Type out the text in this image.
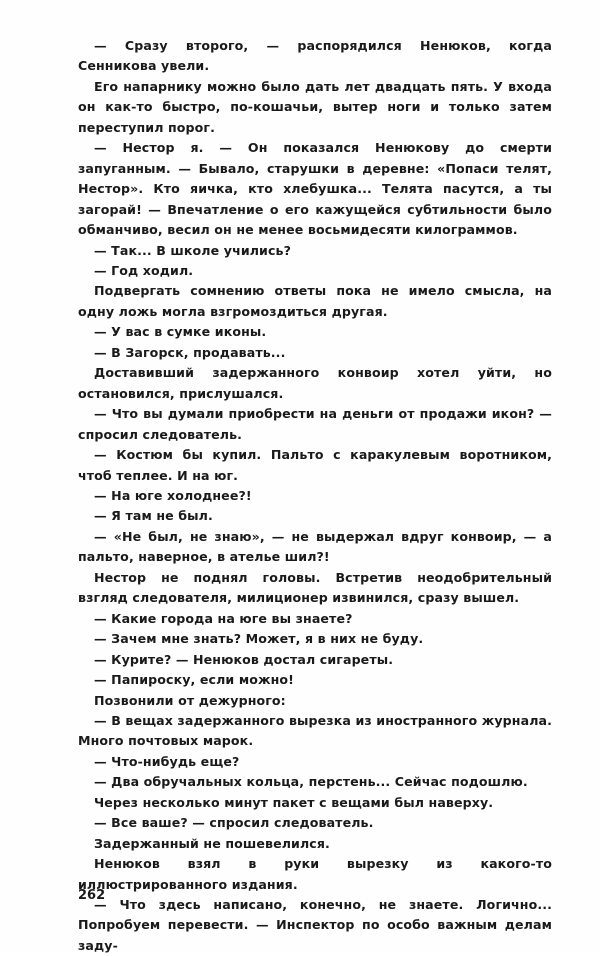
— Сразу второго, — распорядился Ненюков, когда Сенникова увели.

Его напарнику можно было дать лет двадцать пять. У входа он как-то быстро, по-кошачьи, вытер ноги и только затем переступил порог.

— Нестор я. — Он показался Ненюкову до смерти запуганным. — Бывало, старушки в деревне: «Попаси телят, Нестор». Кто яичка, кто хлебушка... Телята пасутся, а ты загорай! — Впечатление о его кажущейся субтильности было обманчиво, весил он не менее восьмидесяти килограммов.

— Так... В школе учились?

— Год ходил.

Подвергать сомнению ответы пока не имело смысла, на одну ложь могла взгромоздиться другая.

— У вас в сумке иконы.

— В Загорск, продавать...

Доставивший задержанного конвоир хотел уйти, но остановился, прислушался.

— Что вы думали приобрести на деньги от продажи икон? — спросил следователь.

— Костюм бы купил. Пальто с каракулевым воротником, чтоб теплее. И на юг.

— На юге холоднее?!

— Я там не был.

— «Не был, не знаю», — не выдержал вдруг конвоир, — а пальто, наверное, в ателье шил?!

Нестор не поднял головы. Встретив неодобрительный взгляд следователя, милиционер извинился, сразу вышел.

— Какие города на юге вы знаете?

— Зачем мне знать? Может, я в них не буду.

— Курите? — Ненюков достал сигареты.

— Папироску, если можно!

Позвонили от дежурного:

— В вещах задержанного вырезка из иностранного журнала. Много почтовых марок.

— Что-нибудь еще?

— Два обручальных кольца, перстень... Сейчас подошлю.

Через несколько минут пакет с вещами был наверху.

— Все ваше? — спросил следователь.

Задержанный не пошевелился.

Ненюков взял в руки вырезку из какого-то иллюстрированного издания.

— Что здесь написано, конечно, не знаете. Логично... Попробуем перевести. — Инспектор по особо важным делам заду-

262
